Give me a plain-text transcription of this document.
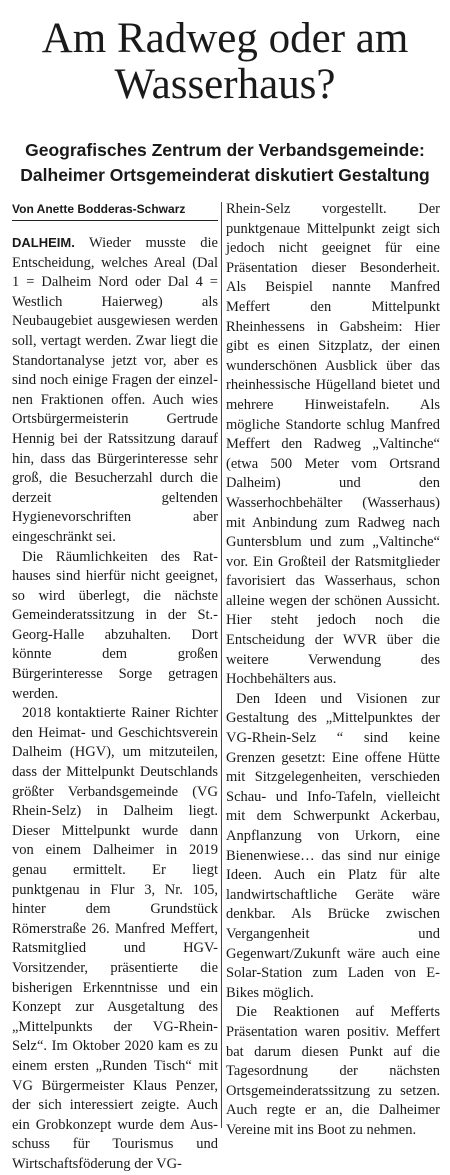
Am Radweg oder am Wasserhaus?
Geografisches Zentrum der Verbandsgemeinde: Dalheimer Ortsgemeinderat diskutiert Gestaltung
Von Anette Bodderas-Schwarz

DALHEIM. Wieder musste die Entscheidung, welches Areal (Dal 1 = Dalheim Nord oder Dal 4 = Westlich Haierweg) als Neubaugebiet ausgewiesen werden soll, vertagt werden. Zwar liegt die Standortanalyse jetzt vor, aber es sind noch einige Fragen der einzelnen Fraktionen offen. Auch wies Ortsbürgermeisterin Gertrude Hennig bei der Ratssitzung darauf hin, dass das Bürgerinteresse sehr groß, die Besucherzahl durch die derzeit geltenden Hygienevorschriften aber eingeschränkt sei.

Die Räumlichkeiten des Rathauses sind hierfür nicht geeignet, so wird überlegt, die nächste Gemeinderatssitzung in der St.-Georg-Halle abzuhalten. Dort könnte dem großen Bürgerinteresse Sorge getragen werden.

2018 kontaktierte Rainer Richter den Heimat- und Geschichtsverein Dalheim (HGV), um mitzuteilen, dass der Mittelpunkt Deutschlands größter Verbandsgemeinde (VG Rhein-Selz) in Dalheim liegt. Dieser Mittelpunkt wurde dann von einem Dalheimer in 2019 genau ermittelt. Er liegt punktgenau in Flur 3, Nr. 105, hinter dem Grundstück Römerstraße 26. Manfred Meffert, Ratsmitglied und HGV-Vorsitzender, präsentierte die bisherigen Erkenntnisse und ein Konzept zur Ausgetaltung des „Mittelpunkts der VG-Rhein-Selz“. Im Oktober 2020 kam es zu einem ersten „Runden Tisch“ mit VG Bürgermeister Klaus Penzer, der sich interessiert zeigte. Auch ein Grobkonzept wurde dem Ausschuss für Tourismus und Wirtschaftsföderung der VG-

Rhein-Selz vorgestellt. Der punktgenaue Mittelpunkt zeigt sich jedoch nicht geeignet für eine Präsentation dieser Besonderheit. Als Beispiel nannte Manfred Meffert den Mittelpunkt Rheinhessens in Gabsheim: Hier gibt es einen Sitzplatz, der einen wunderschönen Ausblick über das rheinhessische Hügelland bietet und mehrere Hinweistafeln. Als mögliche Standorte schlug Manfred Meffert den Radweg „Valtinche“ (etwa 500 Meter vom Ortsrand Dalheim) und den Wasserhochbehälter (Wasserhaus) mit Anbindung zum Radweg nach Guntersblum und zum „Valtinche“ vor. Ein Großteil der Ratsmitglieder favorisiert das Wasserhaus, schon alleine wegen der schönen Aussicht. Hier steht jedoch noch die Entscheidung der WVR über die weitere Verwendung des Hochbehälters aus.

Den Ideen und Visionen zur Gestaltung des „Mittelpunktes der VG-Rhein-Selz “ sind keine Grenzen gesetzt: Eine offene Hütte mit Sitzgelegenheiten, verschieden Schau- und Info-Tafeln, vielleicht mit dem Schwerpunkt Ackerbau, Anpflanzung von Urkorn, eine Bienenwiese… das sind nur einige Ideen. Auch ein Platz für alte landwirtschaftliche Geräte wäre denkbar. Als Brücke zwischen Vergangenheit und Gegenwart/Zukunft wäre auch eine Solar-Station zum Laden von E-Bikes möglich.

Die Reaktionen auf Mefferts Präsentation waren positiv. Meffert bat darum diesen Punkt auf die Tagesordnung der nächsten Ortsgemeinderatssitzung zu setzen. Auch regte er an, die Dalheimer Vereine mit ins Boot zu nehmen.
